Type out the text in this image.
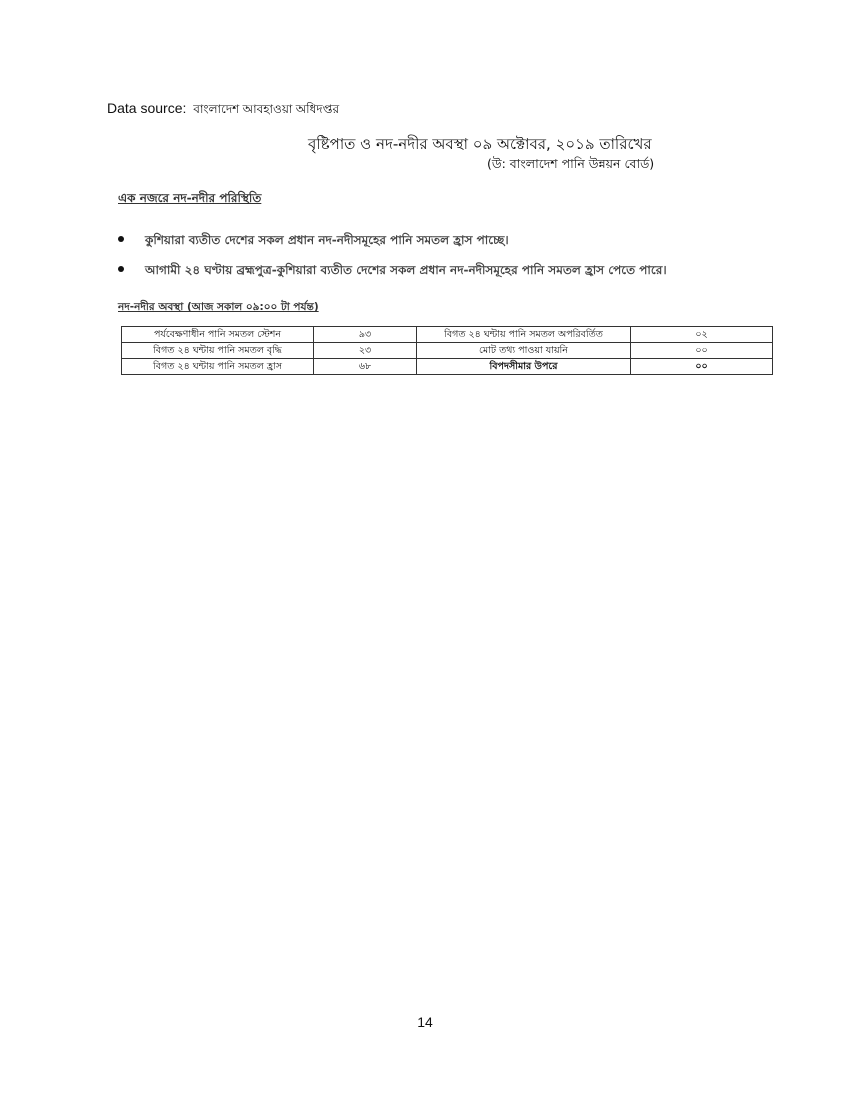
Data source: বাংলাদেশ আবহাওয়া অধিদপ্তর
বৃষ্টিপাত ও নদ-নদীর অবস্থা ০৯ অক্টোবর, ২০১৯ তারিখের
(উ: বাংলাদেশ পানি উন্নয়ন বোর্ড)
এক নজরে নদ-নদীর পরিস্থিতি
কুশিয়ারা ব্যতীত দেশের সকল প্রধান নদ-নদীসমূহের পানি সমতল হ্রাস পাচ্ছে।
আগামী ২৪ ঘণ্টায় ব্রহ্মপুত্র-কুশিয়ারা ব্যতীত দেশের সকল প্রধান নদ-নদীসমূহের পানি সমতল হ্রাস পেতে পারে।
নদ-নদীর অবস্থা (আজ সকাল ০৯:০০ টা পর্যন্ত)
পর্যবেক্ষণাধীন পানি সমতল স্টেশন	৯৩	বিগত ২৪ ঘন্টায় পানি সমতল অপরিবর্তিত	০২
বিগত ২৪ ঘন্টায় পানি সমতল বৃদ্ধি	২৩	মোট তথ্য পাওয়া যায়নি	০০
বিগত ২৪ ঘন্টায় পানি সমতল হ্রাস	৬৮	বিপদসীমার উপরে	০০
14
